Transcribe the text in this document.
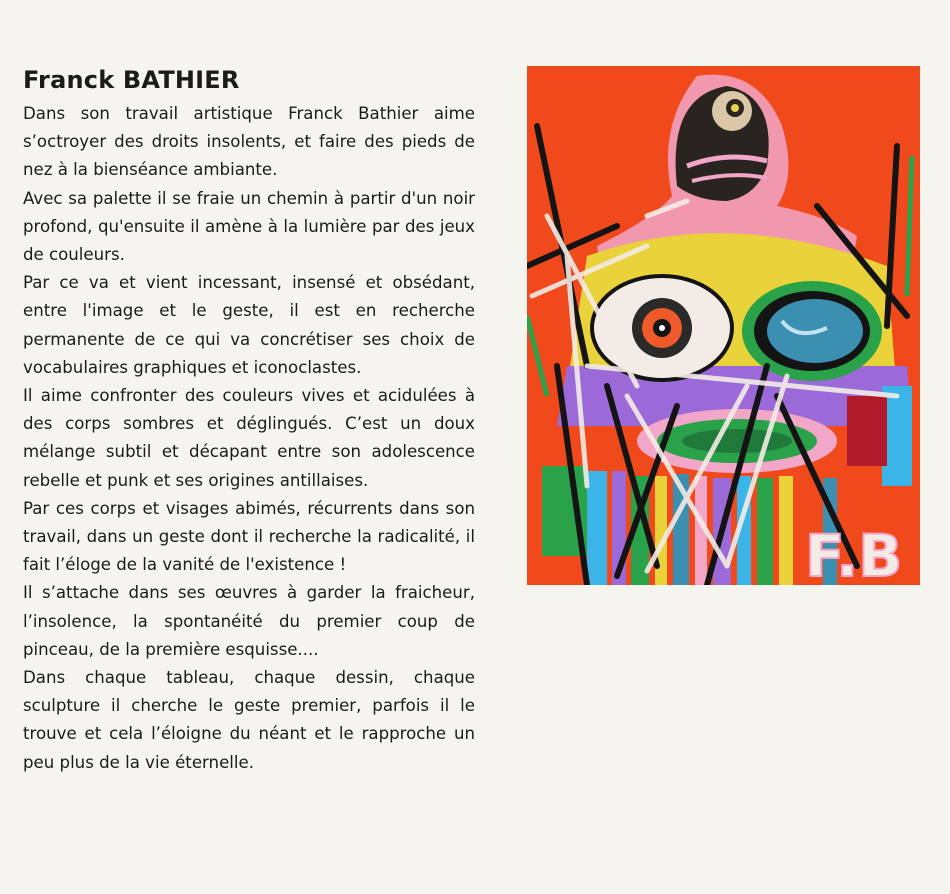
Franck BATHIER

Dans son travail artistique Franck Bathier aime s’octroyer des droits insolents, et faire des pieds de nez à la bienséance ambiante.

Avec sa palette il se fraie un chemin à partir d'un noir profond, qu'ensuite il amène à la lumière par des jeux de couleurs.

Par ce va et vient incessant, insensé et obsédant, entre l'image et le geste, il est en recherche permanente de ce qui va concrétiser ses choix de vocabulaires graphiques et iconoclastes.

Il aime confronter des couleurs vives et acidulées à des corps sombres et déglingués. C’est un doux mélange subtil et décapant entre son adolescence rebelle et punk et ses origines antillaises.

Par ces corps et visages abimés, récurrents dans son travail, dans un geste dont il recherche la radicalité, il fait l’éloge de la vanité de l'existence !

Il s’attache dans ses œuvres à garder la fraicheur, l’insolence, la spontanéité du premier coup de pinceau, de la première esquisse....

Dans chaque tableau, chaque dessin, chaque sculpture il cherche le geste premier, parfois il le trouve et cela l’éloigne du néant et le rapproche un peu plus de la vie éternelle.

F.B
